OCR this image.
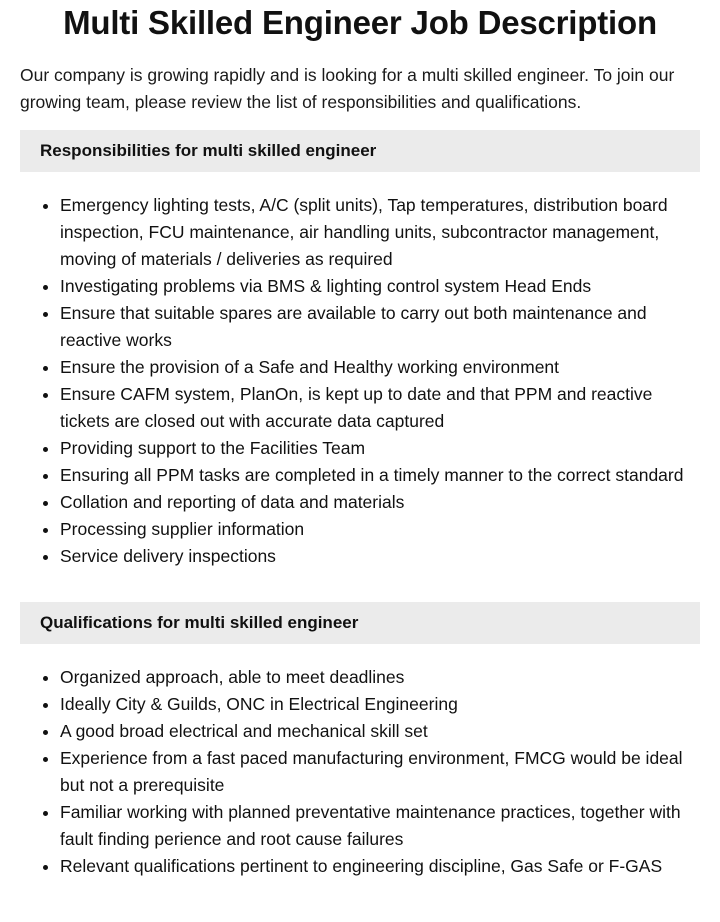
Multi Skilled Engineer Job Description

Our company is growing rapidly and is looking for a multi skilled engineer. To join our growing team, please review the list of responsibilities and qualifications.

Responsibilities for multi skilled engineer
• Emergency lighting tests, A/C (split units), Tap temperatures, distribution board inspection, FCU maintenance, air handling units, subcontractor management, moving of materials / deliveries as required
• Investigating problems via BMS & lighting control system Head Ends
• Ensure that suitable spares are available to carry out both maintenance and reactive works
• Ensure the provision of a Safe and Healthy working environment
• Ensure CAFM system, PlanOn, is kept up to date and that PPM and reactive tickets are closed out with accurate data captured
• Providing support to the Facilities Team
• Ensuring all PPM tasks are completed in a timely manner to the correct standard
• Collation and reporting of data and materials
• Processing supplier information
• Service delivery inspections
Qualifications for multi skilled engineer
• Organized approach, able to meet deadlines
• Ideally City & Guilds, ONC in Electrical Engineering
• A good broad electrical and mechanical skill set
• Experience from a fast paced manufacturing environment, FMCG would be ideal but not a prerequisite
• Familiar working with planned preventative maintenance practices, together with fault finding perience and root cause failures
• Relevant qualifications pertinent to engineering discipline, Gas Safe or F-GAS
